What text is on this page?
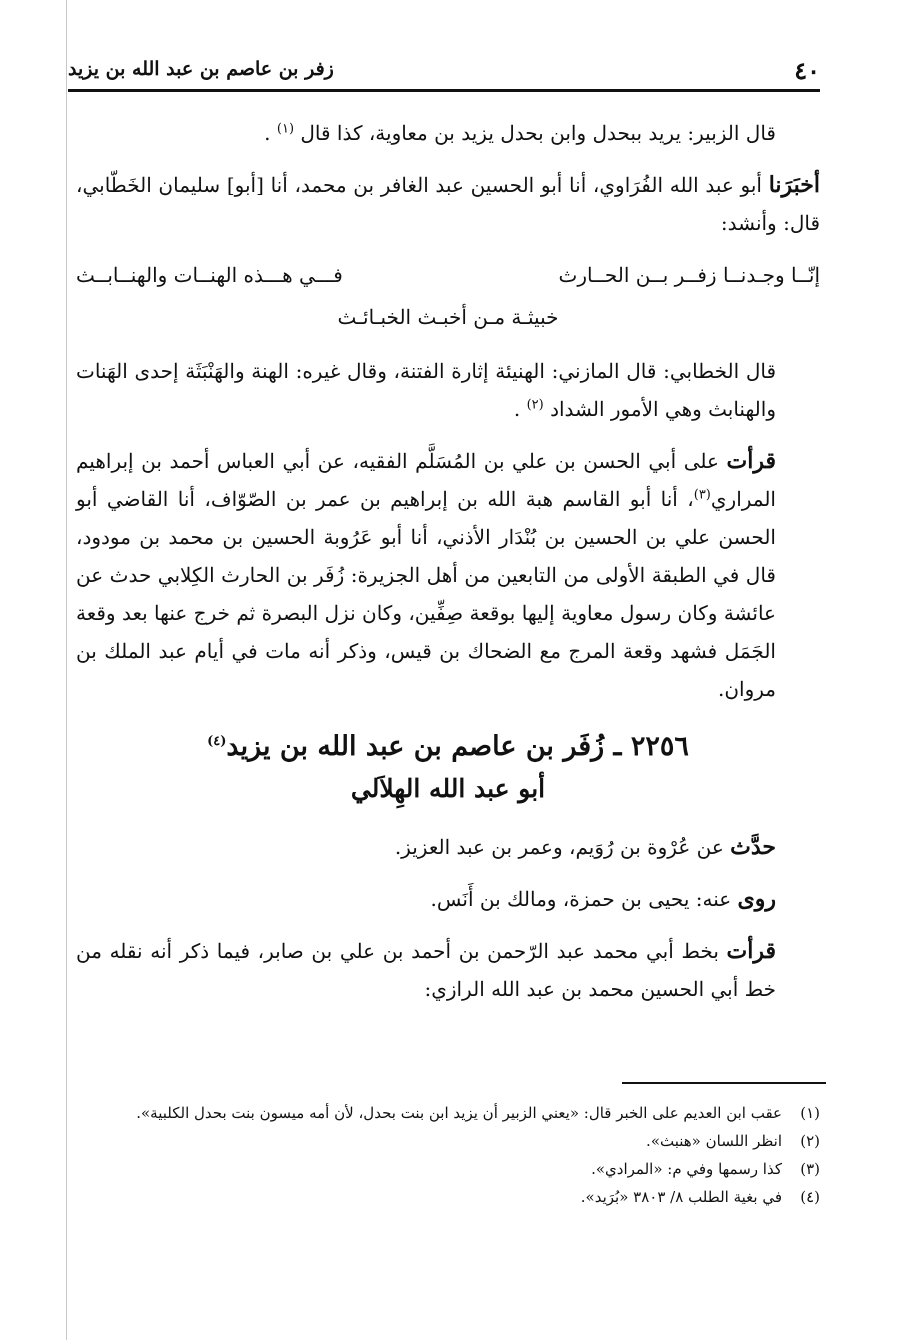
٤٠
زفر بن عاصم بن عبد الله بن يزيد

قال الزبير: يريد ببحدل وابن بحدل يزيد بن معاوية، كذا قال $^{(١)}$ .

أخبَرَنا أبو عبد الله الفُرَاوي، أنا أبو الحسين عبد الغافر بن محمد، أنا [أبو] سليمان الخَطّابي، قال: وأنشد:

إنّــا وجـدنــا زفــر بــن الحــارث
فـــي هـــذه الهنــات والهنــابــث
خبيثـة مـن أخبـث الخبـائـث

قال الخطابي: قال المازني: الهنيئة إثارة الفتنة، وقال غيره: الهنة والهَنْبَثَة إحدى الهَنات والهنابث وهي الأمور الشداد $^{(٢)}$ .

قرأت على أبي الحسن بن علي بن المُسَلَّم الفقيه، عن أبي العباس أحمد بن إبراهيم المراري$^{(٣)}$، أنا أبو القاسم هبة الله بن إبراهيم بن عمر بن الصّوّاف، أنا القاضي أبو الحسن علي بن الحسين بن بُنْدَار الأذني، أنا أبو عَرُوبة الحسين بن محمد بن مودود، قال في الطبقة الأولى من التابعين من أهل الجزيرة: زُفَر بن الحارث الكِلابي حدث عن عائشة وكان رسول معاوية إليها بوقعة صِفِّين، وكان نزل البصرة ثم خرج عنها بعد وقعة الجَمَل فشهد وقعة المرج مع الضحاك بن قيس، وذكر أنه مات في أيام عبد الملك بن مروان.

٢٢٥٦ ـ زُفَر بن عاصم بن عبد الله بن يزيد$^{(٤)}$
أبو عبد الله الهِلاَلي

حدَّث عن عُرْوة بن رُوَيم، وعمر بن عبد العزيز.

روى عنه: يحيى بن حمزة، ومالك بن أَنَس.

قرأت بخط أبي محمد عبد الرّحمن بن أحمد بن علي بن صابر، فيما ذكر أنه نقله من خط أبي الحسين محمد بن عبد الله الرازي:

(١)
عقب ابن العديم على الخبر قال: «يعني الزبير أن يزيد ابن بنت بحدل، لأن أمه ميسون بنت بحدل الكلبية».
(٢)
انظر اللسان «هنبث».
(٣)
كذا رسمها وفي م: «المرادي».
(٤)
في بغية الطلب ٨/ ٣٨٠٣ «بُرَيد».
